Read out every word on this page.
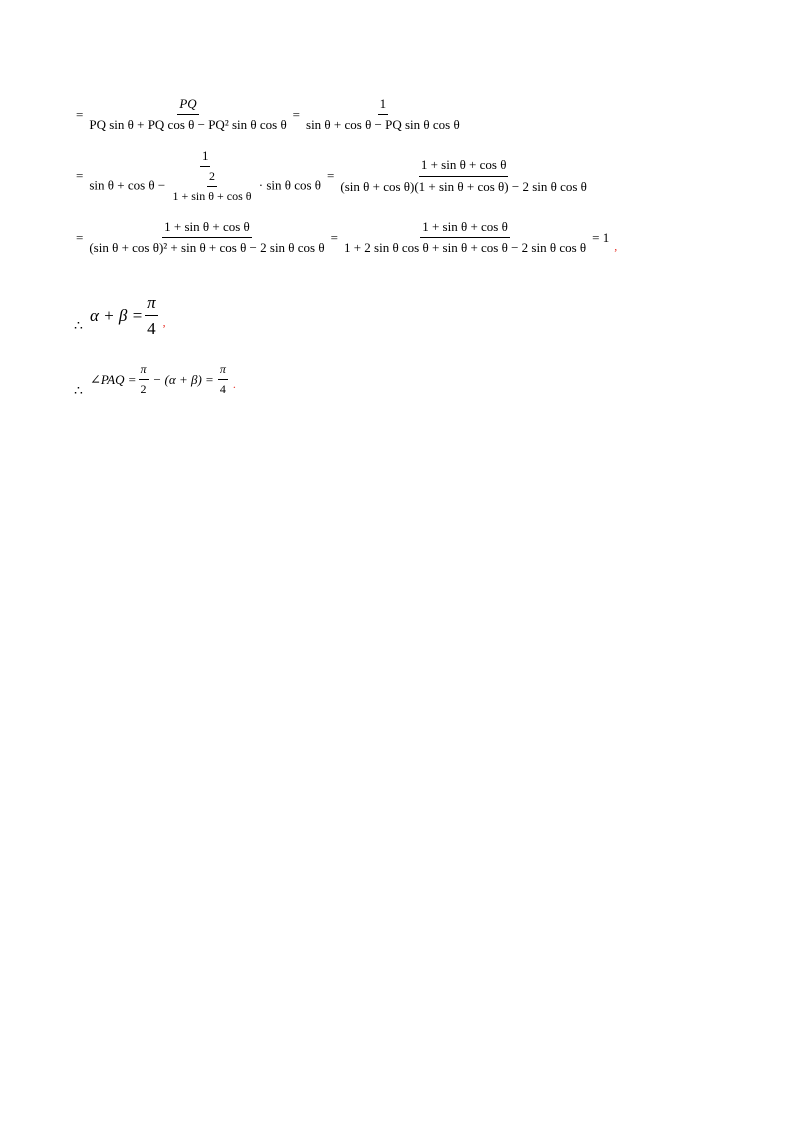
= $\frac{PQ}{\text{PQ sin θ + PQ cos θ − PQ² sin θ cos θ}} = \frac{1}{\text{sin θ + cos θ − PQ sin θ cos θ}}$
=
1
$\sin \theta + \cos \theta - \frac{2}{\text{1 + sin θ + cos θ}} \cdot \sin \theta$ cos θ
= $\frac{\text{1 + sin θ + cos θ}}{\text{(sin θ + cos θ)(1 + sin θ + cos θ) − 2 sin θ cos θ}}$
= $\frac{\text{1 + sin θ + cos θ}}{\text{(sin θ + cos θ)² + sin θ + cos θ − 2 sin θ cos θ}} = \frac{\text{1 + sin θ + cos θ}}{\text{1 + 2 sin θ cos θ + sin θ + cos θ − 2 sin θ cos θ}} = 1$
,
∴
$\alpha + \beta = \frac{\pi}{4}$ ,
∴
∠PAQ = $\frac{\pi}{2} - (\alpha + \beta) = \frac{\pi}{4}$ .
